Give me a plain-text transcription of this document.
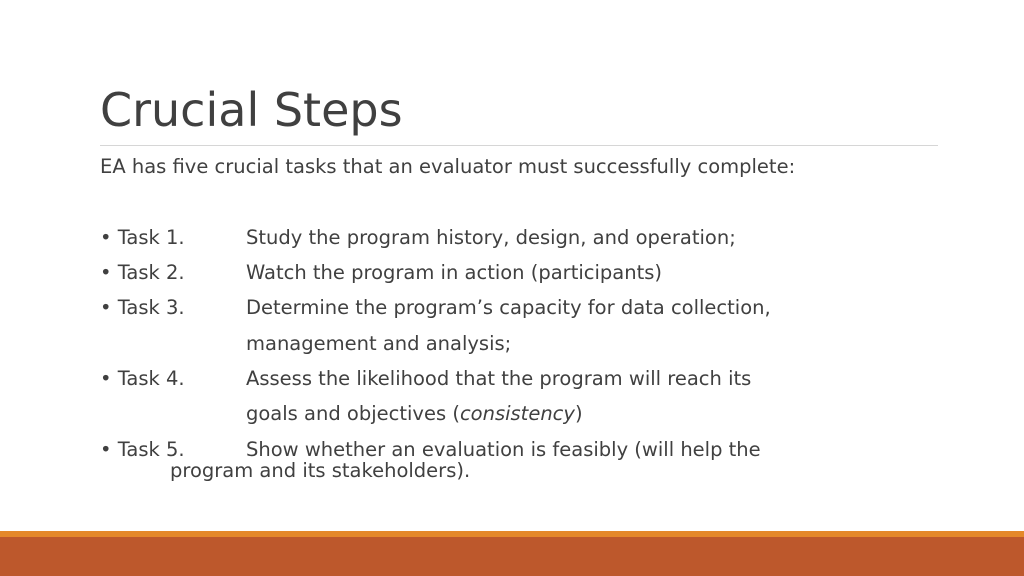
Crucial Steps
EA has five crucial tasks that an evaluator must successfully complete:
• Task 1.	Study the program history, design, and operation;
• Task 2.	Watch the program in action (participants)
• Task 3.	Determine the program’s capacity for data collection,
management and analysis;
• Task 4.	Assess the likelihood that the program will reach its
goals and objectives (consistency)
• Task 5.	Show whether an evaluation is feasibly (will help the
program and its stakeholders).
